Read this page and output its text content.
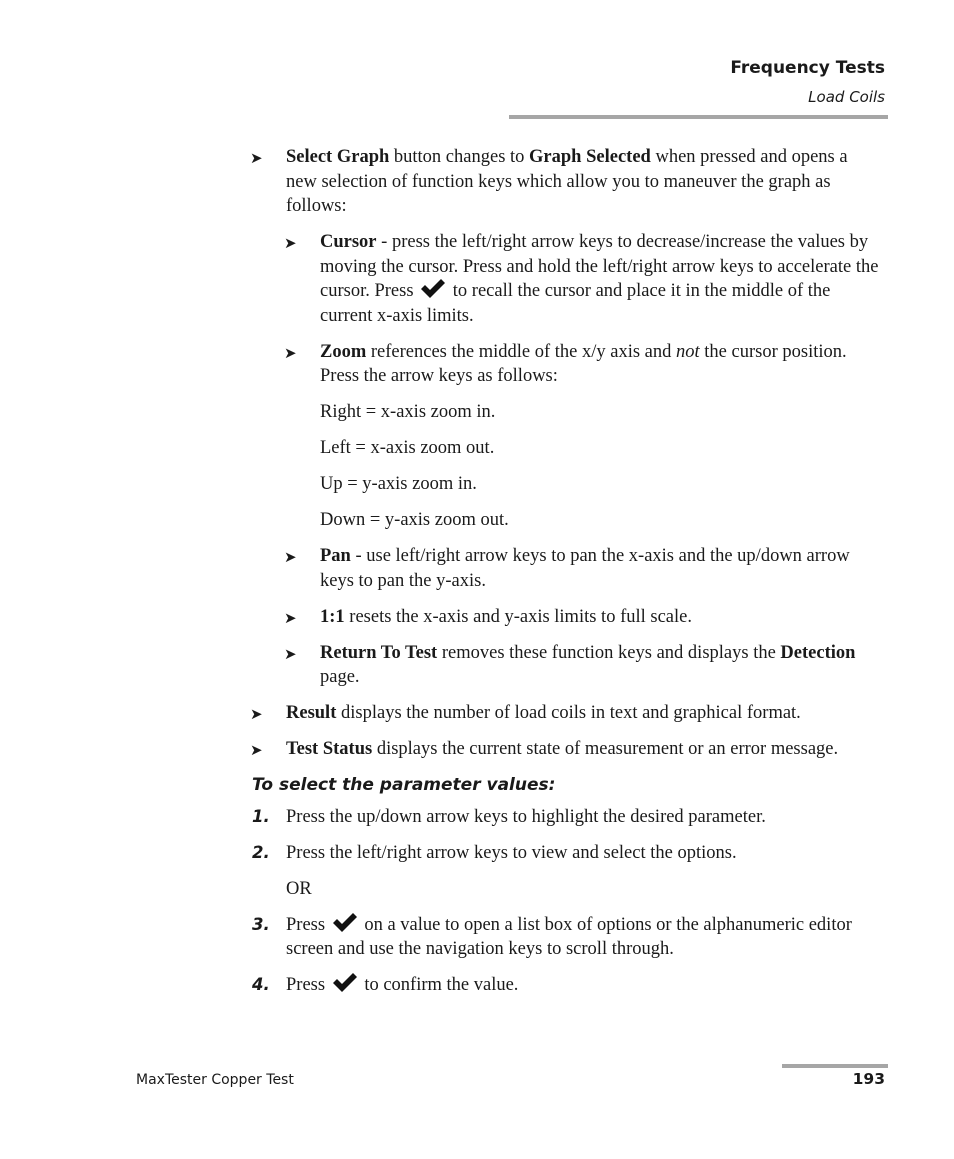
Frequency Tests
Load Coils
➤ Select Graph button changes to Graph Selected when pressed and opens a new selection of function keys which allow you to maneuver the graph as follows:
➤ Cursor - press the left/right arrow keys to decrease/increase the values by moving the cursor. Press and hold the left/right arrow keys to accelerate the cursor. Press  to recall the cursor and place it in the middle of the current x-axis limits.
➤ Zoom references the middle of the x/y axis and not the cursor position. Press the arrow keys as follows:
Right = x-axis zoom in.
Left = x-axis zoom out.
Up = y-axis zoom in.
Down = y-axis zoom out.
➤ Pan - use left/right arrow keys to pan the x-axis and the up/down arrow keys to pan the y-axis.
➤ 1:1 resets the x-axis and y-axis limits to full scale.
➤ Return To Test removes these function keys and displays the Detection page.
➤ Result displays the number of load coils in text and graphical format.
➤ Test Status displays the current state of measurement or an error message.
To select the parameter values:
1. Press the up/down arrow keys to highlight the desired parameter.
2. Press the left/right arrow keys to view and select the options.
OR
3. Press  on a value to open a list box of options or the alphanumeric editor screen and use the navigation keys to scroll through.
4. Press  to confirm the value.
MaxTester Copper Test	193
